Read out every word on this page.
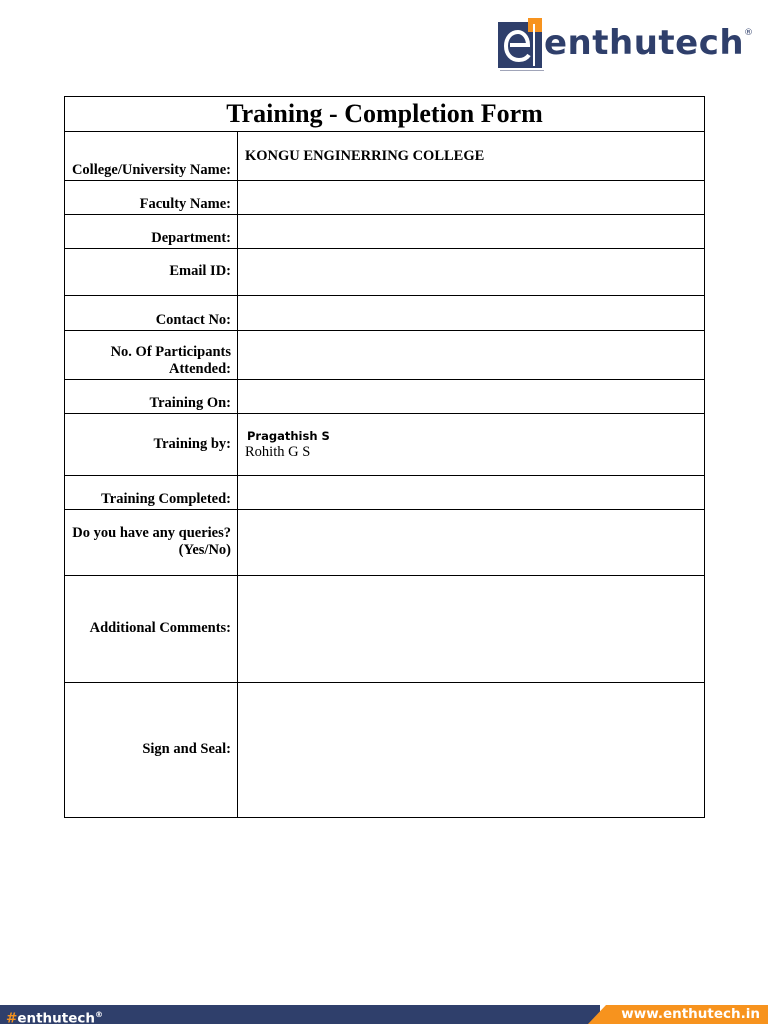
enthutech ®
Training - Completion Form
College/University Name:
KONGU ENGINERRING COLLEGE
Faculty Name:
Department:
Email ID:
Contact No:
No. Of Participants Attended:
Training On:
Training by:	Pragathish S
Rohith G S
Training Completed:
Do you have any queries? (Yes/No)
Additional Comments:
Sign and Seal:
#enthutech®	www.enthutech.in
